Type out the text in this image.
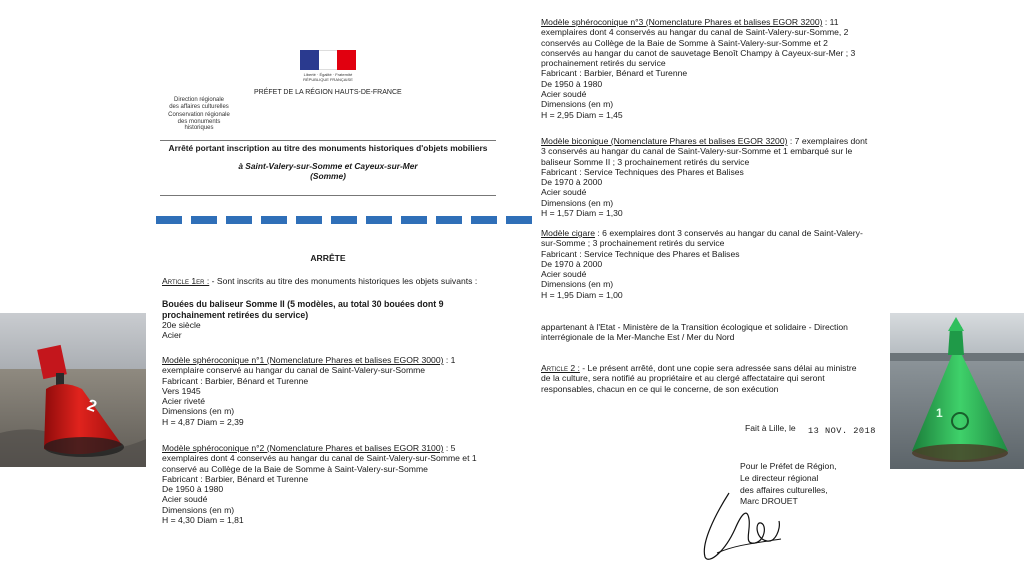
2	1
Liberté · Égalité · Fraternité
RÉPUBLIQUE FRANÇAISE
PRÉFET DE LA RÉGION HAUTS-DE-FRANCE
Direction régionale
des affaires culturelles
Conservation régionale
des monuments
historiques
Arrêté portant inscription au titre des monuments historiques d'objets mobiliers
à Saint-Valery-sur-Somme et Cayeux-sur-Mer
(Somme)
ARRÊTE
Article 1er : - Sont inscrits au titre des monuments historiques les objets suivants :
Bouées du baliseur Somme II (5 modèles, au total 30 bouées dont 9 prochainement retirées du service)
20e siècle
Acier
Modèle sphéroconique n°1 (Nomenclature Phares et balises EGOR 3000) : 1 exemplaire conservé au hangar du canal de Saint-Valery-sur-Somme
Fabricant : Barbier, Bénard et Turenne
Vers 1945
Acier riveté
Dimensions (en m)
H = 4,87 Diam = 2,39
Modèle sphéroconique n°2 (Nomenclature Phares et balises EGOR 3100) : 5 exemplaires dont 4 conservés au hangar du canal de Saint-Valery-sur-Somme et 1 conservé au Collège de la Baie de Somme à Saint-Valery-sur-Somme
Fabricant : Barbier, Bénard et Turenne
De 1950 à 1980
Acier soudé
Dimensions (en m)
H = 4,30 Diam = 1,81
Modèle sphéroconique n°3 (Nomenclature Phares et balises EGOR 3200) : 11 exemplaires dont 4 conservés au hangar du canal de Saint-Valery-sur-Somme, 2 conservés au Collège de la Baie de Somme à Saint-Valery-sur-Somme et 2 conservés au hangar du canot de sauvetage Benoît Champy à Cayeux-sur-Mer ; 3 prochainement retirés du service
Fabricant : Barbier, Bénard et Turenne
De 1950 à 1980
Acier soudé
Dimensions (en m)
H = 2,95 Diam = 1,45
Modèle biconique (Nomenclature Phares et balises EGOR 3200) : 7 exemplaires dont 3 conservés au hangar du canal de Saint-Valery-sur-Somme et 1 embarqué sur le baliseur Somme II ; 3 prochainement retirés du service
Fabricant : Service Techniques des Phares et Balises
De 1970 à 2000
Acier soudé
Dimensions (en m)
H = 1,57 Diam = 1,30
Modèle cigare : 6 exemplaires dont 3 conservés au hangar du canal de Saint-Valery-sur-Somme ; 3 prochainement retirés du service
Fabricant : Service Technique des Phares et Balises
De 1970 à 2000
Acier soudé
Dimensions (en m)
H = 1,95 Diam = 1,00
appartenant à l'Etat - Ministère de la Transition écologique et solidaire - Direction interrégionale de la Mer-Manche Est / Mer du Nord
Article 2 : - Le présent arrêté, dont une copie sera adressée sans délai au ministre de la culture, sera notifié au propriétaire et au clergé affectataire qui seront responsables, chacun en ce qui le concerne, de son exécution
Fait à Lille, le 13 NOV. 2018
Pour le Préfet de Région,
Le directeur régional
des affaires culturelles,
Marc DROUET
